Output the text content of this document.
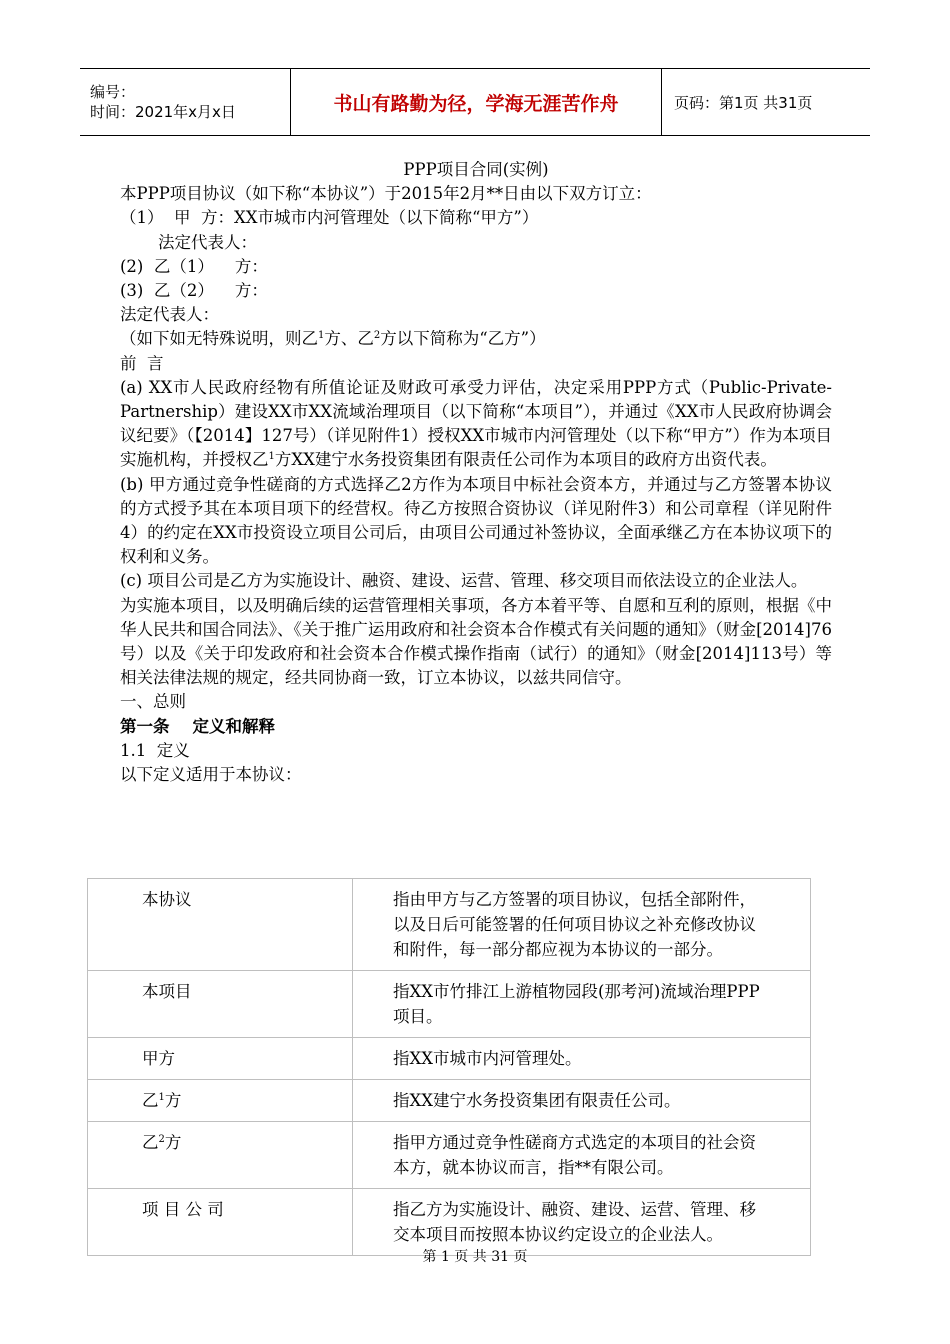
编号：
时间：2021年x月x日	书山有路勤为径，学海无涯苦作舟	页码：第1页 共31页
PPP项目合同(实例)
本PPP项目协议（如下称“本协议”）于2015年2月**日由以下双方订立：
（1）  甲  方：XX市城市内河管理处（以下简称“甲方”）
法定代表人：
(2)  乙（1）    方：
(3)  乙（2）    方：
法定代表人：
（如下如无特殊说明，则乙$^1$方、乙$^2$方以下简称为“乙方”）
前  言
(a) XX市人民政府经物有所值论证及财政可承受力评估，决定采用PPP方式（Public-Private-Partnership）建设XX市XX流域治理项目（以下简称“本项目”），并通过《XX市人民政府协调会议纪要》（【2014】127号）（详见附件1）授权XX市城市内河管理处（以下称“甲方”）作为本项目实施机构，并授权乙$^1$方XX建宁水务投资集团有限责任公司作为本项目的政府方出资代表。
(b) 甲方通过竞争性磋商的方式选择乙2方作为本项目中标社会资本方，并通过与乙方签署本协议的方式授予其在本项目项下的经营权。待乙方按照合资协议（详见附件3）和公司章程（详见附件4）的约定在XX市投资设立项目公司后，由项目公司通过补签协议，全面承继乙方在本协议项下的权利和义务。
(c) 项目公司是乙方为实施设计、融资、建设、运营、管理、移交项目而依法设立的企业法人。
为实施本项目，以及明确后续的运营管理相关事项，各方本着平等、自愿和互利的原则，根据《中华人民共和国合同法》、《关于推广运用政府和社会资本合作模式有关问题的通知》（财金[2014]76号）以及《关于印发政府和社会资本合作模式操作指南（试行）的通知》（财金[2014]113号）等相关法律法规的规定，经共同协商一致，订立本协议，以兹共同信守。
一、总则
第一条    定义和解释
1.1  定义
以下定义适用于本协议：
本协议	指由甲方与乙方签署的项目协议，包括全部附件，以及日后可能签署的任何项目协议之补充修改协议和附件，每一部分都应视为本协议的一部分。
本项目	指XX市竹排江上游植物园段(那考河)流域治理PPP项目。
甲方	指XX市城市内河管理处。
乙$^1$方	指XX建宁水务投资集团有限责任公司。
乙$^2$方	指甲方通过竞争性磋商方式选定的本项目的社会资本方，就本协议而言，指**有限公司。
项 目 公 司	指乙方为实施设计、融资、建设、运营、管理、移交本项目而按照本协议约定设立的企业法人。
第 1 页 共 31 页
